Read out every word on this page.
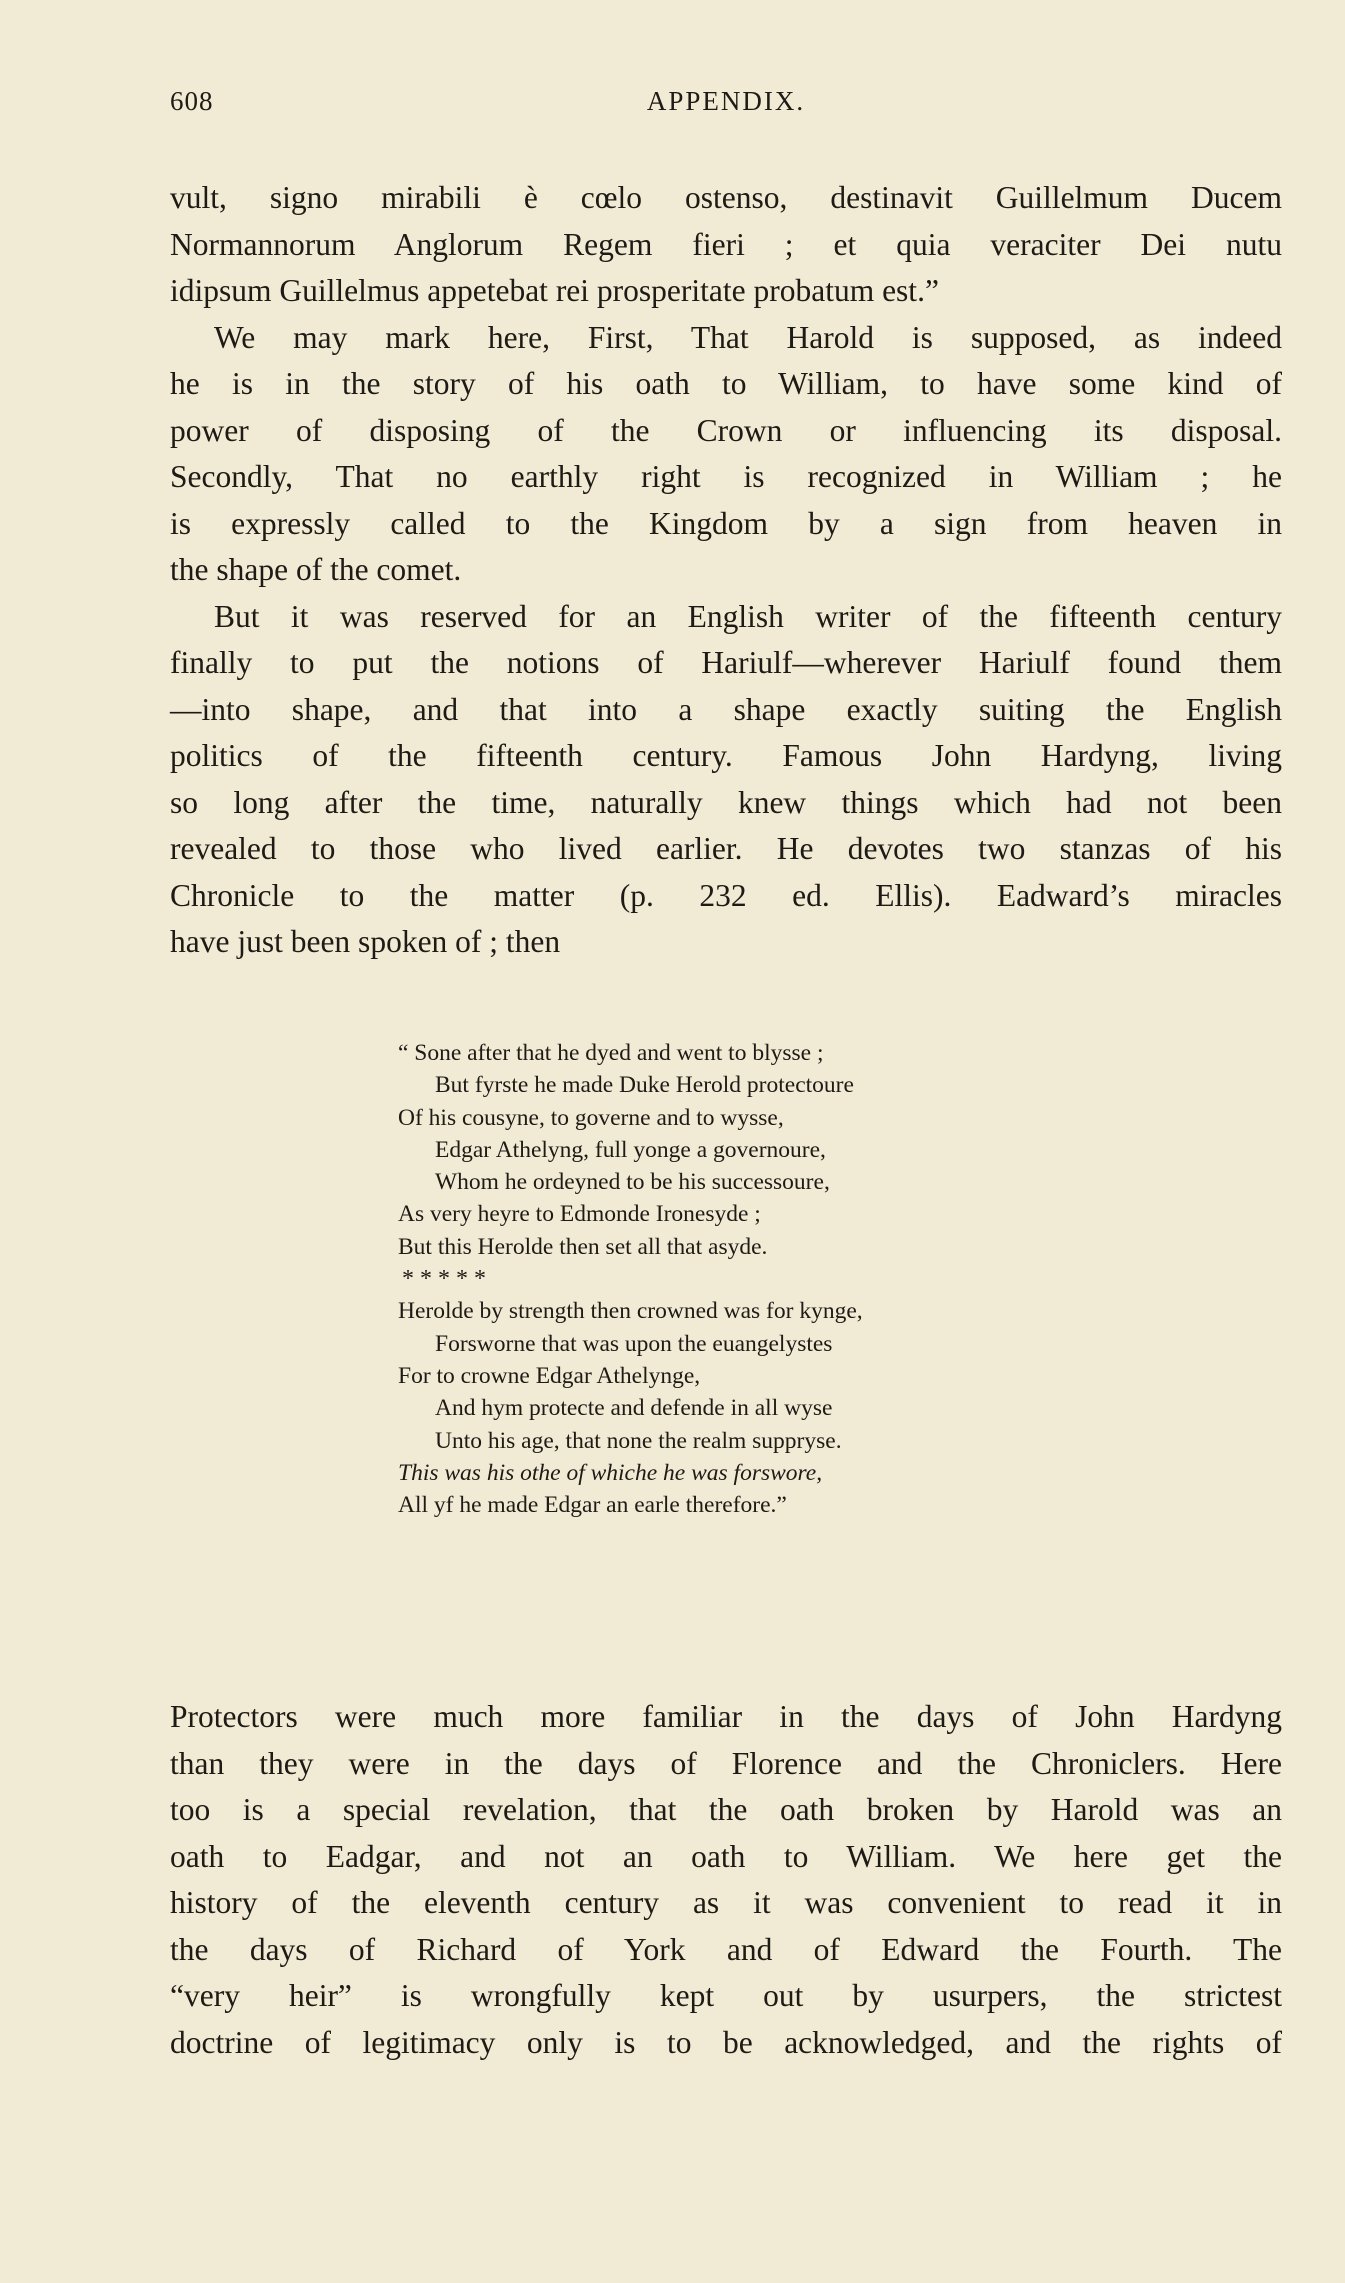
608	APPENDIX.
vult, signo mirabili è cœlo ostenso, destinavit Guillelmum Ducem
Normannorum Anglorum Regem fieri ; et quia veraciter Dei nutu
idipsum Guillelmus appetebat rei prosperitate probatum est.”
We may mark here, First, That Harold is supposed, as indeed
he is in the story of his oath to William, to have some kind of
power of disposing of the Crown or influencing its disposal.
Secondly, That no earthly right is recognized in William ; he
is expressly called to the Kingdom by a sign from heaven in
the shape of the comet.
But it was reserved for an English writer of the fifteenth century
finally to put the notions of Hariulf—wherever Hariulf found them
—into shape, and that into a shape exactly suiting the English
politics of the fifteenth century. Famous John Hardyng, living
so long after the time, naturally knew things which had not been
revealed to those who lived earlier. He devotes two stanzas of his
Chronicle to the matter (p. 232 ed. Ellis). Eadward’s miracles
have just been spoken of ; then
“ Sone after that he dyed and went to blysse ;
But fyrste he made Duke Herold protectoure
Of his cousyne, to governe and to wysse,
Edgar Athelyng, full yonge a governoure,
Whom he ordeyned to be his successoure,
As very heyre to Edmonde Ironesyde ;
But this Herolde then set all that asyde.
* * * * *
Herolde by strength then crowned was for kynge,
Forsworne that was upon the euangelystes
For to crowne Edgar Athelynge,
And hym protecte and defende in all wyse
Unto his age, that none the realm suppryse.
This was his othe of whiche he was forswore,
All yf he made Edgar an earle therefore.”
Protectors were much more familiar in the days of John Hardyng
than they were in the days of Florence and the Chroniclers. Here
too is a special revelation, that the oath broken by Harold was an
oath to Eadgar, and not an oath to William. We here get the
history of the eleventh century as it was convenient to read it in
the days of Richard of York and of Edward the Fourth. The
“very heir” is wrongfully kept out by usurpers, the strictest
doctrine of legitimacy only is to be acknowledged, and the rights of
